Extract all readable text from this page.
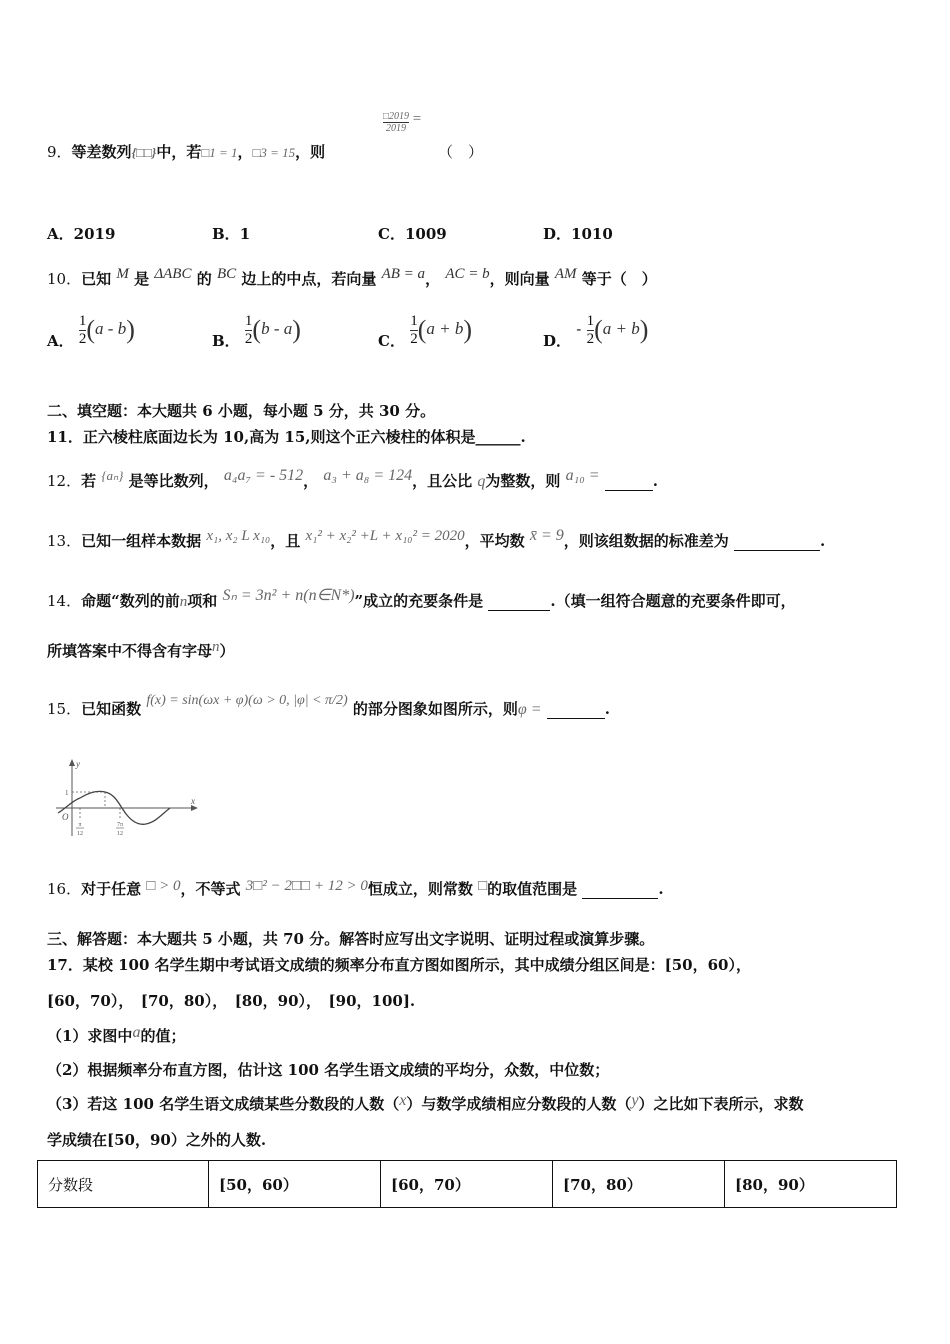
9．等差数列{□□}中，若□1 = 1，□3 = 15，则
$\frac{□2019}{2019}$ =
（　）
A．2019	B．1	C．1009	D．1010
10．已知 M 是 ΔABC 的 BC 边上的中点，若向量 AB = a， AC = b，则向量 AM 等于（　）
A． $\frac{1}{2} (a - b)$	B． $\frac{1}{2} (b - a)$	C． $\frac{1}{2} (a + b)$	D． - $\frac{1}{2} (a + b)$
二、填空题：本大题共 6 小题，每小题 5 分，共 30 分。
11．正六棱柱底面边长为 10,高为 15,则这个正六棱柱的体积是______.
12．若 {aₙ} 是等比数列， a₄a₇ = - 512， a₃ + a₈ = 124，且公比 q为整数，则 a₁₀ =	.
13．已知一组样本数据 x₁, x₂ L x₁₀，且 x₁² + x₂² +L + x₁₀² = 2020，平均数 x̄ = 9，则该组数据的标准差为	.
14．命题“数列的前n项和 Sₙ = 3n² + n(n∈N*)”成立的充要条件是	.（填一组符合题意的充要条件即可，
所填答案中不得含有字母n）
15．已知函数 f(x) = sin(ωx + φ)(ω > 0, |φ| < π/2) 的部分图象如图所示，则φ =	.
y
x
O
1
π
12
7π
12
16．对于任意 □ > 0，不等式 3□² − 2□□ + 12 > 0恒成立，则常数 □的取值范围是	.
三、解答题：本大题共 5 小题，共 70 分。解答时应写出文字说明、证明过程或演算步骤。
17．某校 100 名学生期中考试语文成绩的频率分布直方图如图所示，其中成绩分组区间是：[50，60），
[60，70），　[70，80），　[80，90），　[90，100].
（1）求图中a的值；
（2）根据频率分布直方图，估计这 100 名学生语文成绩的平均分，众数，中位数；
（3）若这 100 名学生语文成绩某些分数段的人数（x）与数学成绩相应分数段的人数（y）之比如下表所示，求数
学成绩在[50，90）之外的人数.
分数段	[50，60）	[60，70）	[70，80）	[80，90）
